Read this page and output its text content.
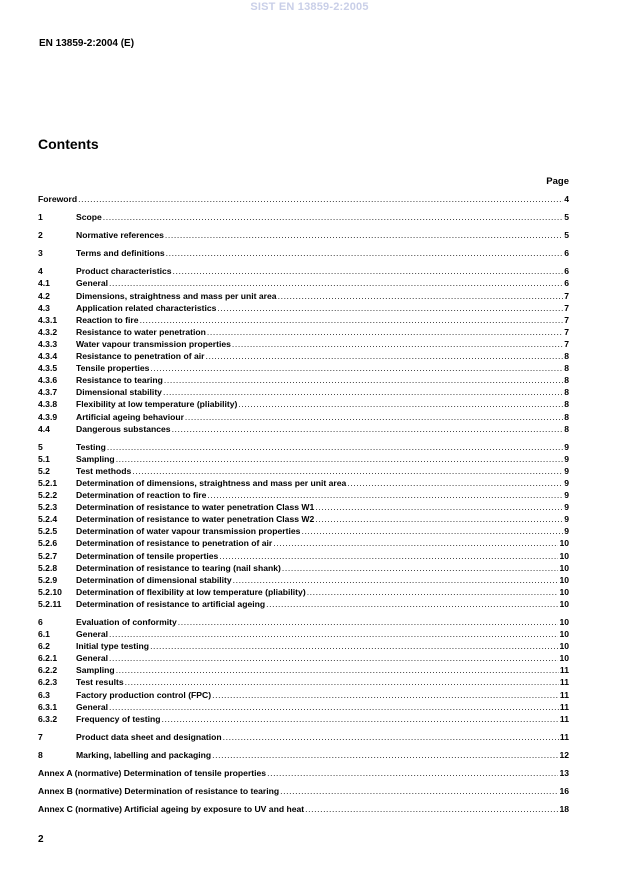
SIST EN 13859-2:2005
EN 13859-2:2004 (E)
Contents
Page
Foreword .....	4
1	Scope .....	5
2	Normative references .....	5
3	Terms and definitions .....	6
4	Product characteristics .....	6
4.1	General .....	6
4.2	Dimensions, straightness and mass per unit area .....	7
4.3	Application related characteristics .....	7
4.3.1	Reaction to fire .....	7
4.3.2	Resistance to water penetration .....	7
4.3.3	Water vapour transmission properties .....	7
4.3.4	Resistance to penetration of air .....	8
4.3.5	Tensile properties .....	8
4.3.6	Resistance to tearing .....	8
4.3.7	Dimensional stability .....	8
4.3.8	Flexibility at low temperature (pliability) .....	8
4.3.9	Artificial ageing behaviour .....	8
4.4	Dangerous substances .....	8
5	Testing .....	9
5.1	Sampling .....	9
5.2	Test methods .....	9
5.2.1	Determination of dimensions, straightness and mass per unit area .....	9
5.2.2	Determination of reaction to fire .....	9
5.2.3	Determination of resistance to water penetration Class W1 .....	9
5.2.4	Determination of resistance to water penetration Class W2 .....	9
5.2.5	Determination of water vapour transmission properties .....	9
5.2.6	Determination of resistance to penetration of air .....	10
5.2.7	Determination of tensile properties .....	10
5.2.8	Determination of resistance to tearing (nail shank) .....	10
5.2.9	Determination of dimensional stability .....	10
5.2.10	Determination of flexibility at low temperature (pliability) .....	10
5.2.11	Determination of resistance to artificial ageing .....	10
6	Evaluation of conformity .....	10
6.1	General .....	10
6.2	Initial type testing .....	10
6.2.1	General .....	10
6.2.2	Sampling .....	11
6.2.3	Test results .....	11
6.3	Factory production control (FPC) .....	11
6.3.1	General .....	11
6.3.2	Frequency of testing .....	11
7	Product data sheet and designation .....	11
8	Marking, labelling and packaging .....	12
Annex A (normative) Determination of tensile properties .....	13
Annex B (normative) Determination of resistance to tearing .....	16
Annex C (normative) Artificial ageing by exposure to UV and heat .....	18
2
